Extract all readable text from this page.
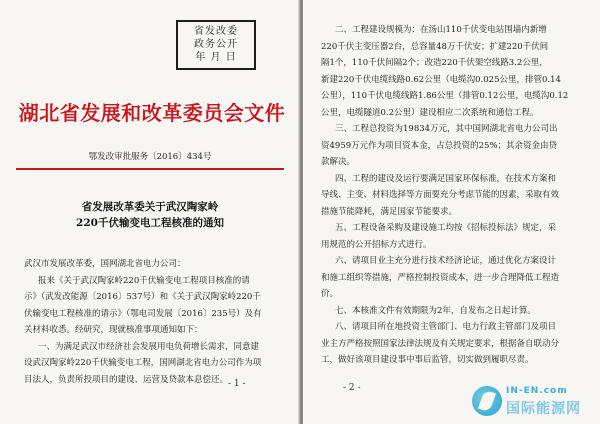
省发改委
政务公开
年 月 日
湖北省发展和改革委员会文件
鄂发改审批服务〔2016〕434号
省发展改革委关于武汉陶家岭
220千伏输变电工程核准的通知
武汉市发展改革委，国网湖北省电力公司：
报来《关于武汉陶家岭220千伏输变电工程项目核准的请
示》（武发改能源〔2016〕537号）和《关于武汉陶家岭220千
伏输变电工程核准的请示》（鄂电司发展〔2016〕235号）及有
关材料收悉。经研究，现就核准事项通知如下：
一、为满足武汉市经济社会发展用电负荷增长需求，同意建
设武汉陶家岭220千伏输变电工程，国网湖北省电力公司作为项
目法人，负责所投项目的建设、运营及贷款本息偿还。 - 1 -
二、工程建设规模为：在汤山110千伏变电站围墙内新增
220千伏主变压器2台，总容量48万千伏安；扩建220千伏间
隔1个，110千伏间隔2个；改造220千伏架空线路3.2公里，
新建220千伏电缆线路0.62公里（电缆沟0.025公里，排管0.14
公里），110千伏电缆线路1.86公里（排管0.12公里，电缆沟0.12
公里，电缆隧道0.2公里）建设相应二次系统和通信工程。
三、工程总投资为19834万元，其中国网湖北省电力公司出
资4959万元作为项目资本金，占总投资的25%；其余资金由贷
款解决。
四、工程的建设及运行要满足国家环保标准，在技术方案和
导线、主变、材料选择等方面要充分考虑节能的因素，采取有效
措施节能降耗，满足国家节能要求。
五、工程设备采购及建设施工均按《招标投标法》规定，采
用规范的公开招标方式进行。
六、请项目业主充分进行技术经济论证，通过优化方案设计
和施工组织等措施，严格控制投资成本，进一步合理降低工程造
价。
七、本核准文件有效期限为2年，自发布之日起计算。
八、请项目所在地投资主管部门、电力行政主管部门及项目
业主方严格按照国家法律法规及有关规定要求，根据备自联动分
工，做好该项目建设事中事后监管，切实做到履职尽责。
- 2 -	IN-EN.com
国际能源网
